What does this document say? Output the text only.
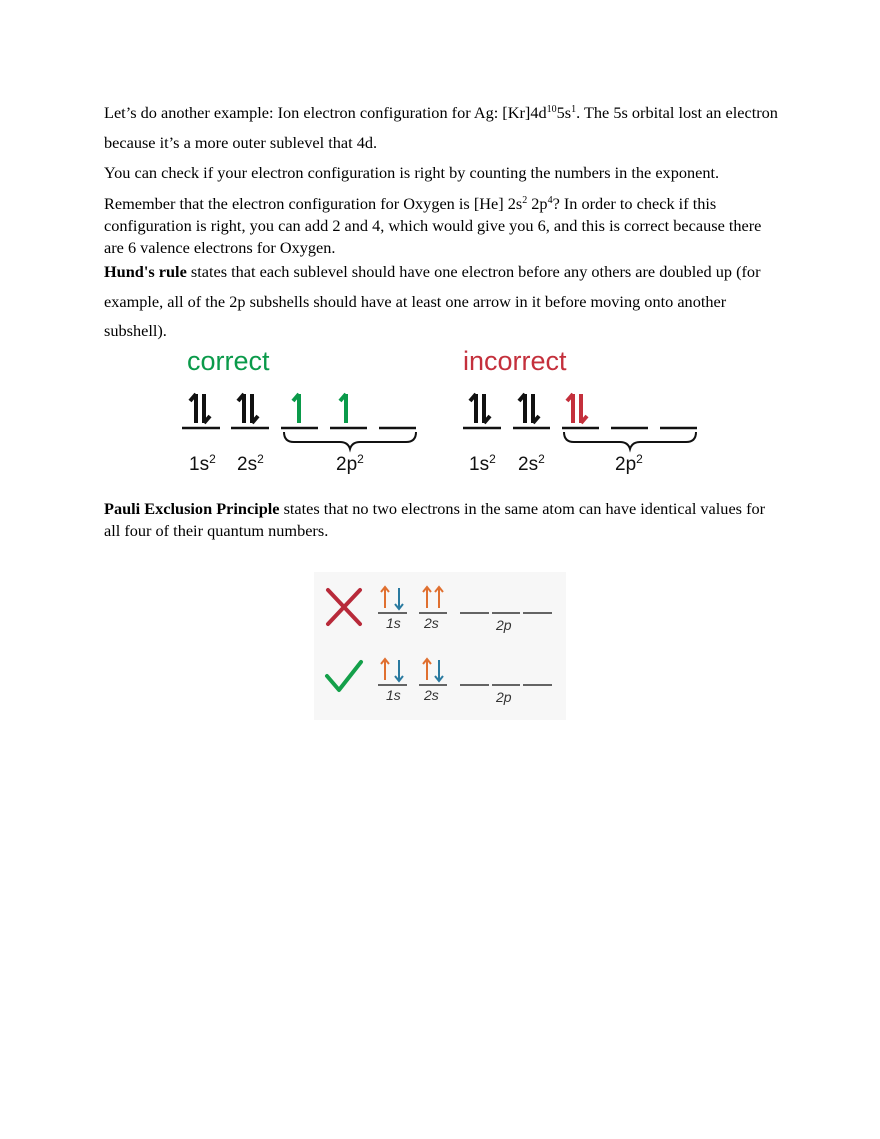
Let’s do another example: Ion electron configuration for Ag: $[Kr]4d^{10}5s^1$. The 5s orbital lost an electron because it’s a more outer sublevel that 4d.

You can check if your electron configuration is right by counting the numbers in the exponent.

Remember that the electron configuration for Oxygen is [He] $2s^2$ $2p^4$? In order to check if this configuration is right, you can add 2 and 4, which would give you 6, and this is correct because there are 6 valence electrons for Oxygen.

Hund's rule states that each sublevel should have one electron before any others are doubled up (for example, all of the 2p subshells should have at least one arrow in it before moving onto another subshell).

correct	incorrect
$1s^2$ $2s^2$	$2p^2$	$1s^2$ $2s^2$	$2p^2$

Pauli Exclusion Principle states that no two electrons in the same atom can have identical values for all four of their quantum numbers.

1s 2s	2p
1s 2s	2p
